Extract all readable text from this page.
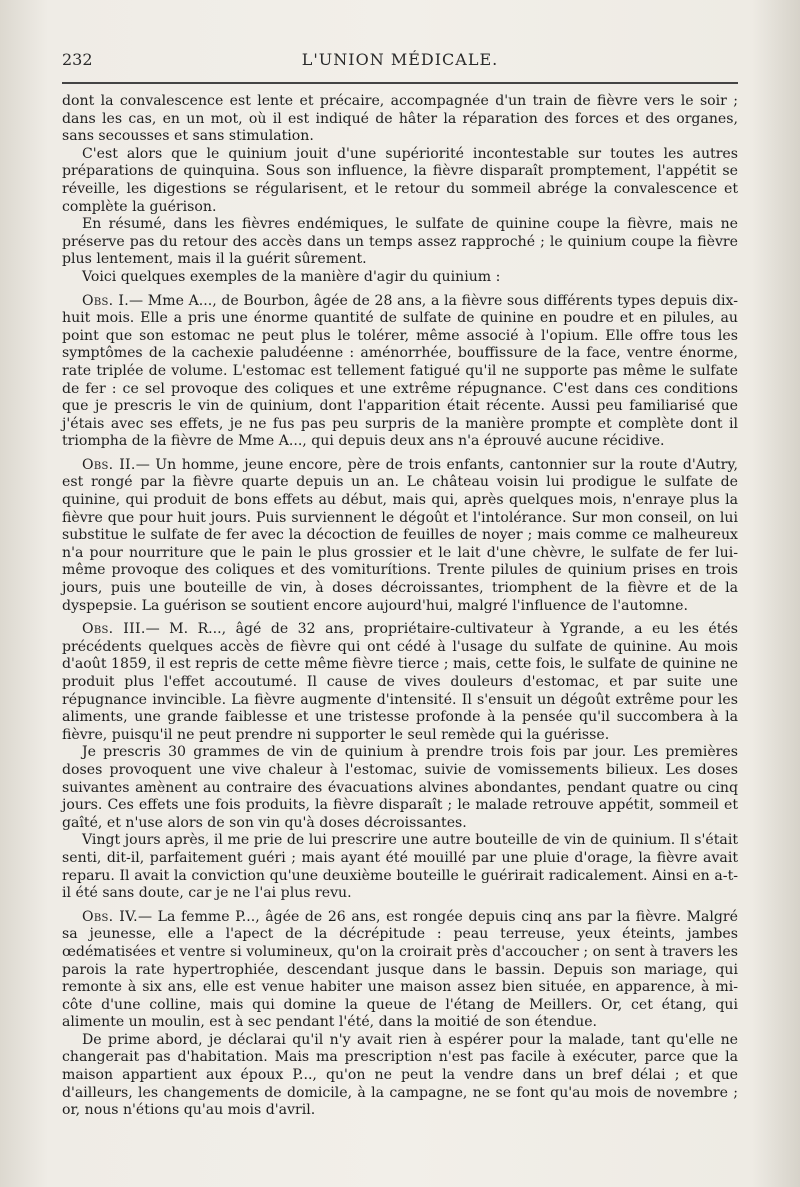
232	L'UNION MÉDICALE.

dont la convalescence est lente et précaire, accompagnée d'un train de fièvre vers le soir ; dans les cas, en un mot, où il est indiqué de hâter la réparation des forces et des organes, sans secousses et sans stimulation.

C'est alors que le quinium jouit d'une supériorité incontestable sur toutes les autres préparations de quinquina. Sous son influence, la fièvre disparaît promptement, l'appétit se réveille, les digestions se régularisent, et le retour du sommeil abrége la convalescence et complète la guérison.

En résumé, dans les fièvres endémiques, le sulfate de quinine coupe la fièvre, mais ne préserve pas du retour des accès dans un temps assez rapproché ; le quinium coupe la fièvre plus lentement, mais il la guérit sûrement.

Voici quelques exemples de la manière d'agir du quinium :

Obs. I.— Mme A..., de Bourbon, âgée de 28 ans, a la fièvre sous différents types depuis dix-huit mois. Elle a pris une énorme quantité de sulfate de quinine en poudre et en pilules, au point que son estomac ne peut plus le tolérer, même associé à l'opium. Elle offre tous les symptômes de la cachexie paludéenne : aménorrhée, bouffissure de la face, ventre énorme, rate triplée de volume. L'estomac est tellement fatigué qu'il ne supporte pas même le sulfate de fer : ce sel provoque des coliques et une extrême répugnance. C'est dans ces conditions que je prescris le vin de quinium, dont l'apparition était récente. Aussi peu familiarisé que j'étais avec ses effets, je ne fus pas peu surpris de la manière prompte et complète dont il triompha de la fièvre de Mme A..., qui depuis deux ans n'a éprouvé aucune récidive.

Obs. II.— Un homme, jeune encore, père de trois enfants, cantonnier sur la route d'Autry, est rongé par la fièvre quarte depuis un an. Le château voisin lui prodigue le sulfate de quinine, qui produit de bons effets au début, mais qui, après quelques mois, n'enraye plus la fièvre que pour huit jours. Puis surviennent le dégoût et l'intolérance. Sur mon conseil, on lui substitue le sulfate de fer avec la décoction de feuilles de noyer ; mais comme ce malheureux n'a pour nourriture que le pain le plus grossier et le lait d'une chèvre, le sulfate de fer lui-même provoque des coliques et des vomiturítions. Trente pilules de quinium prises en trois jours, puis une bouteille de vin, à doses décroissantes, triomphent de la fièvre et de la dyspepsie. La guérison se soutient encore aujourd'hui, malgré l'influence de l'automne.

Obs. III.— M. R..., âgé de 32 ans, propriétaire-cultivateur à Ygrande, a eu les étés précédents quelques accès de fièvre qui ont cédé à l'usage du sulfate de quinine. Au mois d'août 1859, il est repris de cette même fièvre tierce ; mais, cette fois, le sulfate de quinine ne produit plus l'effet accoutumé. Il cause de vives douleurs d'estomac, et par suite une répugnance invincible. La fièvre augmente d'intensité. Il s'ensuit un dégoût extrême pour les aliments, une grande faiblesse et une tristesse profonde à la pensée qu'il succombera à la fièvre, puisqu'il ne peut prendre ni supporter le seul remède qui la guérisse.

Je prescris 30 grammes de vin de quinium à prendre trois fois par jour. Les premières doses provoquent une vive chaleur à l'estomac, suivie de vomissements bilieux. Les doses suivantes amènent au contraire des évacuations alvines abondantes, pendant quatre ou cinq jours. Ces effets une fois produits, la fièvre disparaît ; le malade retrouve appétit, sommeil et gaîté, et n'use alors de son vin qu'à doses décroissantes.

Vingt jours après, il me prie de lui prescrire une autre bouteille de vin de quinium. Il s'était senti, dit-il, parfaitement guéri ; mais ayant été mouillé par une pluie d'orage, la fièvre avait reparu. Il avait la conviction qu'une deuxième bouteille le guérirait radicalement. Ainsi en a-t-il été sans doute, car je ne l'ai plus revu.

Obs. IV.— La femme P..., âgée de 26 ans, est rongée depuis cinq ans par la fièvre. Malgré sa jeunesse, elle a l'apect de la décrépitude : peau terreuse, yeux éteints, jambes œdématisées et ventre si volumineux, qu'on la croirait près d'accoucher ; on sent à travers les parois la rate hypertrophiée, descendant jusque dans le bassin. Depuis son mariage, qui remonte à six ans, elle est venue habiter une maison assez bien située, en apparence, à mi-côte d'une colline, mais qui domine la queue de l'étang de Meillers. Or, cet étang, qui alimente un moulin, est à sec pendant l'été, dans la moitié de son étendue.

De prime abord, je déclarai qu'il n'y avait rien à espérer pour la malade, tant qu'elle ne changerait pas d'habitation. Mais ma prescription n'est pas facile à exécuter, parce que la maison appartient aux époux P..., qu'on ne peut la vendre dans un bref délai ; et que d'ailleurs, les changements de domicile, à la campagne, ne se font qu'au mois de novembre ; or, nous n'étions qu'au mois d'avril.
